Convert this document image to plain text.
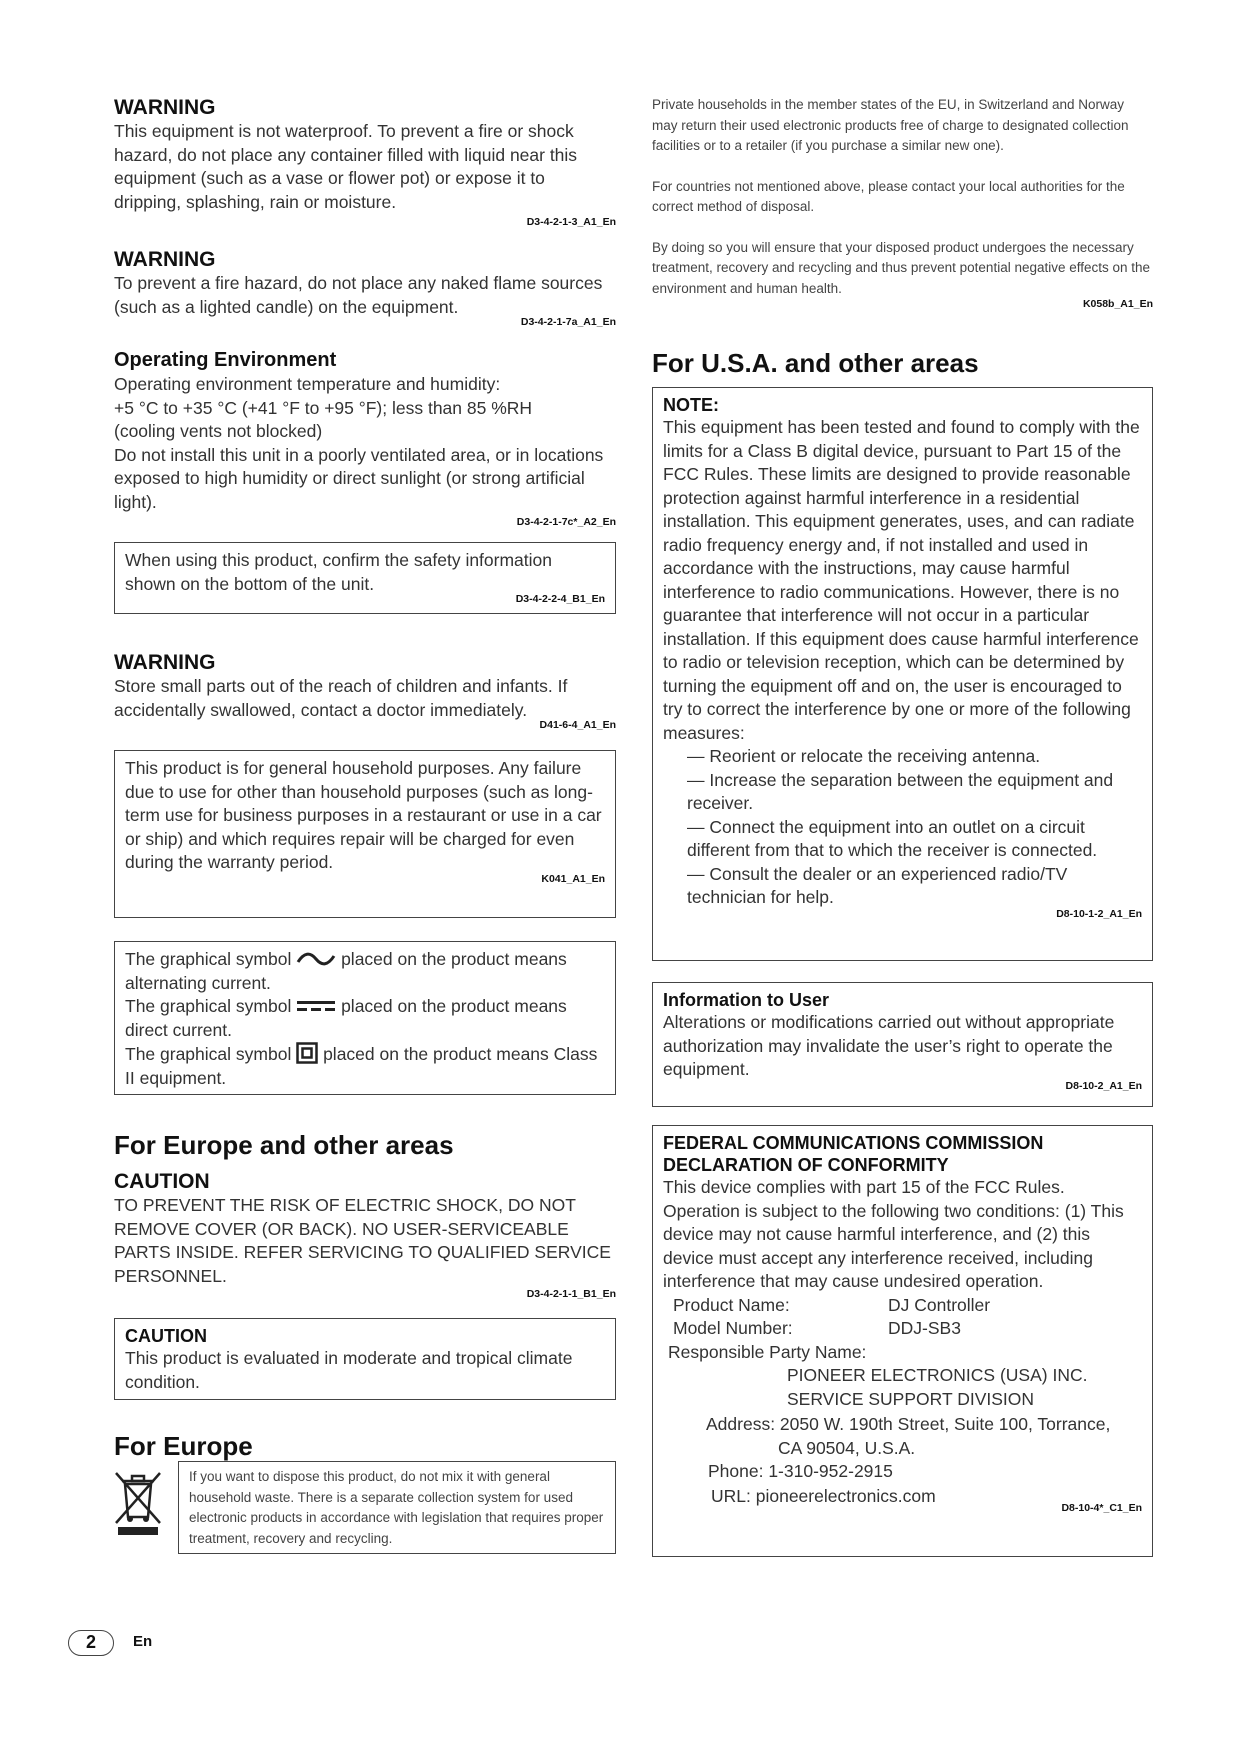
WARNING

This equipment is not waterproof. To prevent a fire or shock hazard, do not place any container filled with liquid near this equipment (such as a vase or flower pot) or expose it to dripping, splashing, rain or moisture.

D3-4-2-1-3_A1_En

WARNING

To prevent a fire hazard, do not place any naked flame sources (such as a lighted candle) on the equipment.

D3-4-2-1-7a_A1_En

Operating Environment

Operating environment temperature and humidity:

+5 °C to +35 °C (+41 °F to +95 °F); less than 85 %RH

(cooling vents not blocked)

Do not install this unit in a poorly ventilated area, or in locations exposed to high humidity or direct sunlight (or strong artificial light).

D3-4-2-1-7c*_A2_En

When using this product, confirm the safety information shown on the bottom of the unit.

D3-4-2-2-4_B1_En

WARNING

Store small parts out of the reach of children and infants. If accidentally swallowed, contact a doctor immediately.

D41-6-4_A1_En

This product is for general household purposes. Any failure due to use for other than household purposes (such as long-term use for business purposes in a restaurant or use in a car or ship) and which requires repair will be charged for even during the warranty period.

K041_A1_En

The graphical symbol	placed on the product means alternating current.

The graphical symbol	placed on the product means direct current.

The graphical symbol placed on the product means Class II equipment.

For Europe and other areas

CAUTION

TO PREVENT THE RISK OF ELECTRIC SHOCK, DO NOT REMOVE COVER (OR BACK). NO USER-SERVICEABLE PARTS INSIDE. REFER SERVICING TO QUALIFIED SERVICE PERSONNEL.

D3-4-2-1-1_B1_En

CAUTION

This product is evaluated in moderate and tropical climate condition.

For Europe

If you want to dispose this product, do not mix it with general household waste. There is a separate collection system for used electronic products in accordance with legislation that requires proper treatment, recovery and recycling.

Private households in the member states of the EU, in Switzerland and Norway may return their used electronic products free of charge to designated collection facilities or to a retailer (if you purchase a similar new one).

For countries not mentioned above, please contact your local authorities for the correct method of disposal.

By doing so you will ensure that your disposed product undergoes the necessary treatment, recovery and recycling and thus prevent potential negative effects on the environment and human health.

K058b_A1_En

For U.S.A. and other areas

NOTE:

This equipment has been tested and found to comply with the limits for a Class B digital device, pursuant to Part 15 of the FCC Rules. These limits are designed to provide reasonable protection against harmful interference in a residential installation. This equipment generates, uses, and can radiate radio frequency energy and, if not installed and used in accordance with the instructions, may cause harmful interference to radio communications. However, there is no guarantee that interference will not occur in a particular installation. If this equipment does cause harmful interference to radio or television reception, which can be determined by turning the equipment off and on, the user is encouraged to try to correct the interference by one or more of the following measures:

— Reorient or relocate the receiving antenna.

— Increase the separation between the equipment and receiver.

— Connect the equipment into an outlet on a circuit different from that to which the receiver is connected.

— Consult the dealer or an experienced radio/TV technician for help.

D8-10-1-2_A1_En

Information to User

Alterations or modifications carried out without appropriate authorization may invalidate the user’s right to operate the equipment.

D8-10-2_A1_En

FEDERAL COMMUNICATIONS COMMISSION

DECLARATION OF CONFORMITY

This device complies with part 15 of the FCC Rules. Operation is subject to the following two conditions: (1) This device may not cause harmful interference, and (2) this device must accept any interference received, including interference that may cause undesired operation.

Product Name:	DJ Controller
Model Number:	DDJ-SB3

Responsible Party Name:

PIONEER ELECTRONICS (USA) INC.

SERVICE SUPPORT DIVISION

Address: 2050 W. 190th Street, Suite 100, Torrance,

CA 90504, U.S.A.

Phone: 1-310-952-2915

URL: pioneerelectronics.com

D8-10-4*_C1_En

2	En
